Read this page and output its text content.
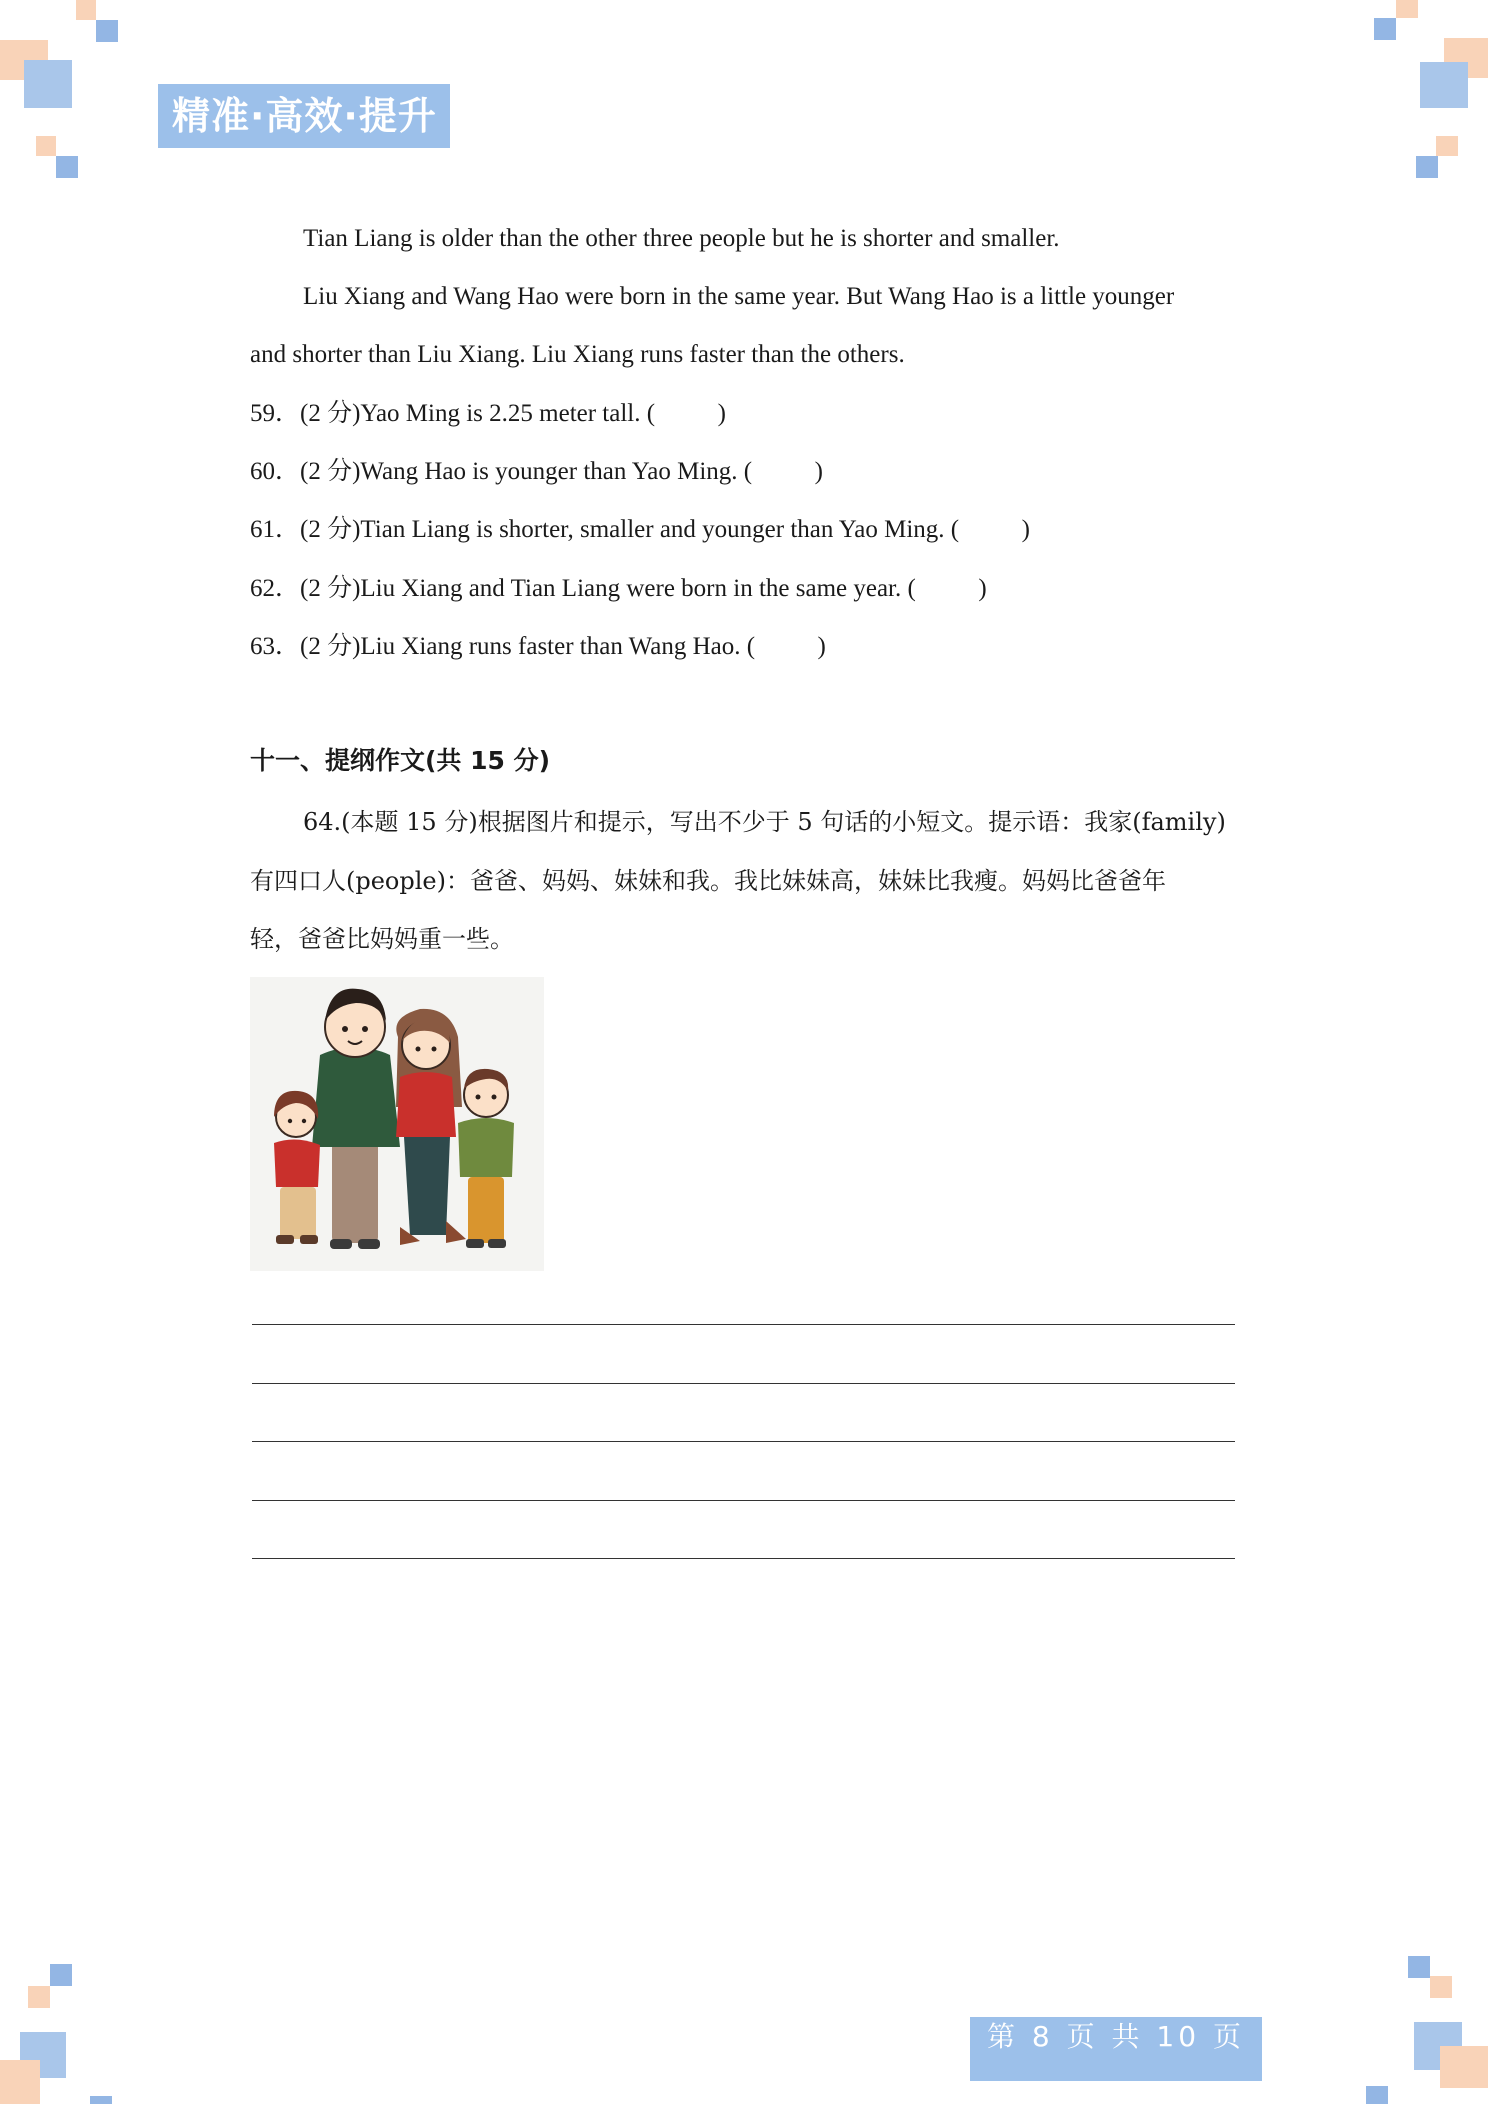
精准·高效·提升
Tian Liang is older than the other three people but he is shorter and smaller.
Liu Xiang and Wang Hao were born in the same year. But Wang Hao is a little younger
and shorter than Liu Xiang. Liu Xiang runs faster than the others.
59．(2 分)Yao Ming is 2.25 meter tall. (          )
60．(2 分)Wang Hao is younger than Yao Ming. (          )
61．(2 分)Tian Liang is shorter, smaller and younger than Yao Ming. (          )
62．(2 分)Liu Xiang and Tian Liang were born in the same year. (          )
63．(2 分)Liu Xiang runs faster than Wang Hao. (          )
十一、提纲作文(共 15 分)
64.(本题 15 分)根据图片和提示，写出不少于 5 句话的小短文。提示语：我家(family)
有四口人(people)：爸爸、妈妈、妹妹和我。我比妹妹高，妹妹比我瘦。妈妈比爸爸年
轻，爸爸比妈妈重一些。
第 8 页 共 10 页
